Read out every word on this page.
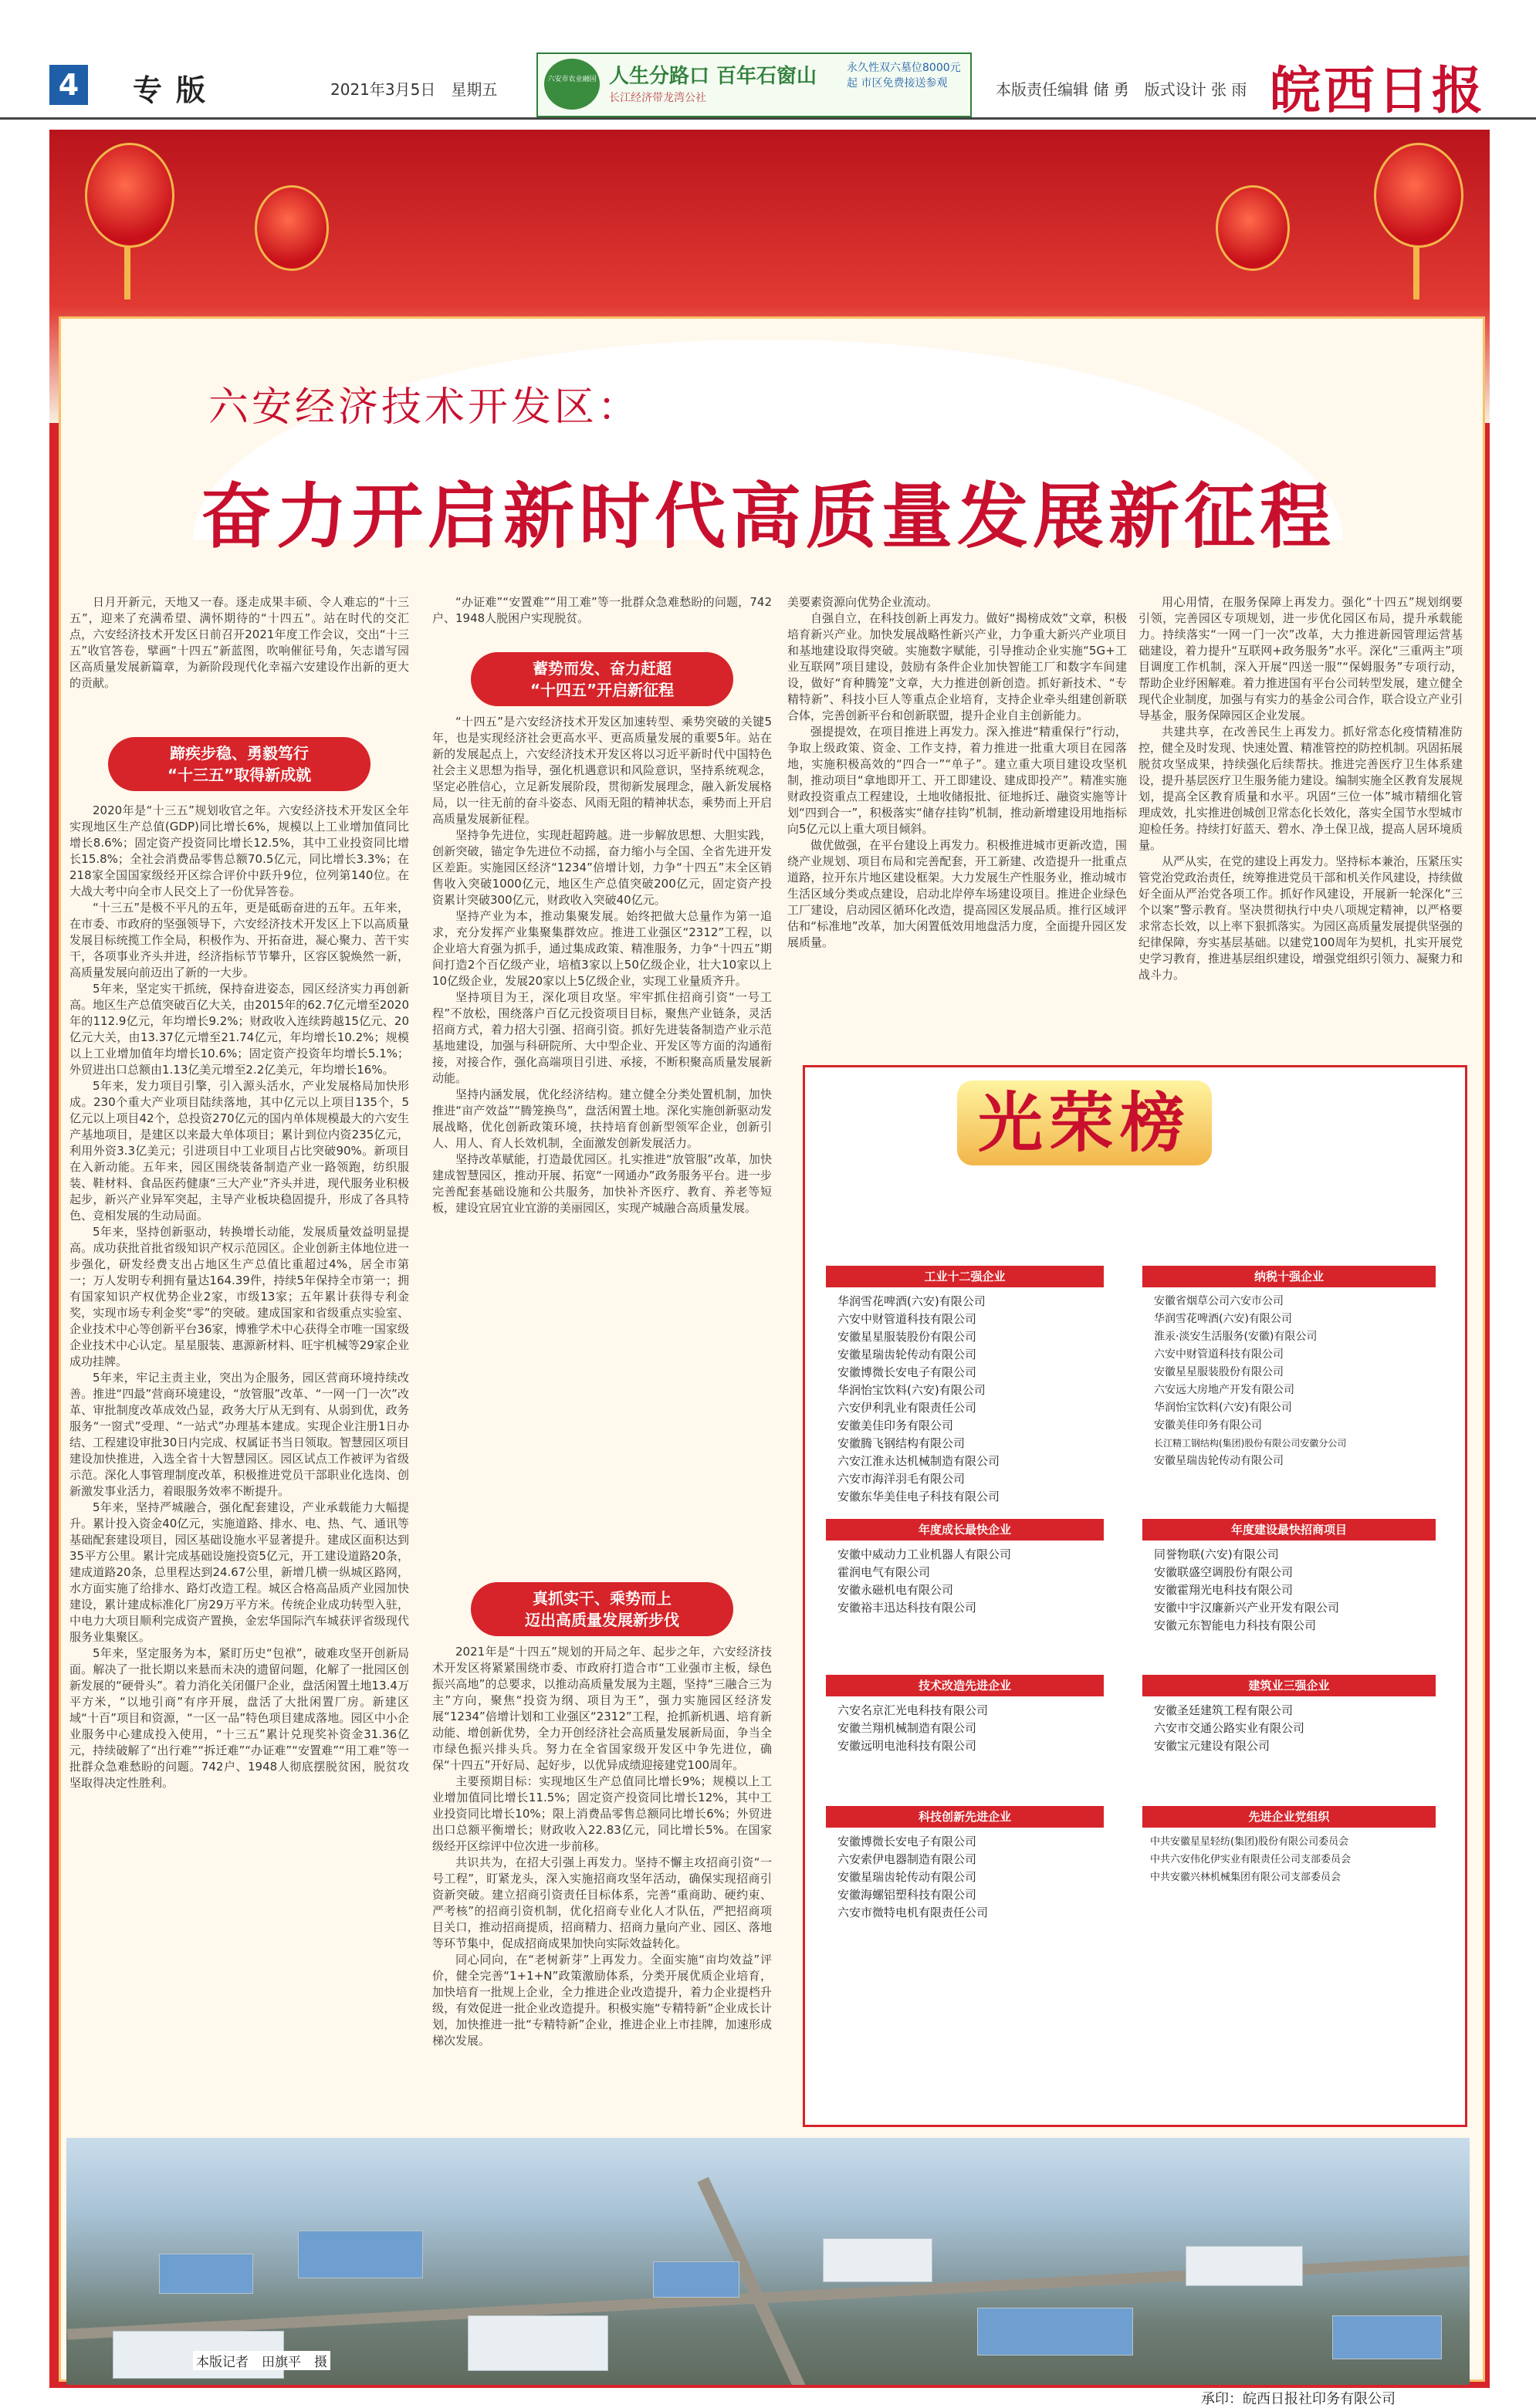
4	专版	2021年3月5日　星期五
六安市农业融园 人生分路口 百年石窗山
长江经济带龙湾公社
永久性双六墓位8000元起 市区免费接送参观	本版责任编辑 储 勇　版式设计 张 雨 皖西日报
六安经济技术开发区：
奋力开启新时代高质量发展新征程

日月开新元，天地又一春。逐走成果丰硕、令人难忘的“十三五”，迎来了充满希望、满怀期待的“十四五”。站在时代的交汇点，六安经济技术开发区日前召开2021年度工作会议，交出“十三五”收官答卷，擘画“十四五”新蓝图，吹响催征号角，矢志谱写园区高质量发展新篇章，为新阶段现代化幸福六安建设作出新的更大的贡献。

蹄疾步稳、勇毅笃行
“十三五”取得新成就

2020年是“十三五”规划收官之年。六安经济技术开发区全年实现地区生产总值(GDP)同比增长6%，规模以上工业增加值同比增长8.6%；固定资产投资同比增长12.5%，其中工业投资同比增长15.8%；全社会消费品零售总额70.5亿元，同比增长3.3%；在218家全国国家级经开区综合评价中跃升9位，位列第140位。在大战大考中向全市人民交上了一份优异答卷。

“十三五”是极不平凡的五年，更是砥砺奋进的五年。五年来，在市委、市政府的坚强领导下，六安经济技术开发区上下以高质量发展目标统揽工作全局，积极作为、开拓奋进，凝心聚力、苦干实干，各项事业齐头并进，经济指标节节攀升，区容区貌焕然一新，高质量发展向前迈出了新的一大步。

5年来，坚定实干抓统，保持奋进姿态，园区经济实力再创新高。地区生产总值突破百亿大关，由2015年的62.7亿元增至2020年的112.9亿元，年均增长9.2%；财政收入连续跨越15亿元、20亿元大关，由13.37亿元增至21.74亿元，年均增长10.2%；规模以上工业增加值年均增长10.6%；固定资产投资年均增长5.1%；外贸进出口总额由1.13亿美元增至2.2亿美元，年均增长16%。

5年来，发力项目引擎，引入源头活水，产业发展格局加快形成。230个重大产业项目陆续落地，其中亿元以上项目135个，5亿元以上项目42个，总投资270亿元的国内单体规模最大的六安生产基地项目，是建区以来最大单体项目；累计到位内资235亿元，利用外资3.3亿美元；引进项目中工业项目占比突破90%。新项目在入新动能。五年来，园区围绕装备制造产业一路领跑，纺织服装、鞋材料、食品医药健康“三大产业”齐头并进，现代服务业积极起步，新兴产业异军突起，主导产业板块稳固提升，形成了各具特色、竞相发展的生动局面。

5年来，坚持创新驱动，转换增长动能，发展质量效益明显提高。成功获批首批省级知识产权示范园区。企业创新主体地位进一步强化，研发经费支出占地区生产总值比重超过4%，居全市第一；万人发明专利拥有量达164.39件，持续5年保持全市第一；拥有国家知识产权优势企业2家，市级13家；五年累计获得专利金奖，实现市场专利金奖“零”的突破。建成国家和省级重点实验室、企业技术中心等创新平台36家，博雅学术中心获得全市唯一国家级企业技术中心认定。星星服装、惠源新材料、旺宇机械等29家企业成功挂牌。

5年来，牢记主责主业，突出为企服务，园区营商环境持续改善。推进“四最”营商环境建设，“放管服”改革、“一网一门一次”改革、审批制度改革成效凸显，政务大厅从无到有、从弱到优，政务服务“一窗式”受理、“一站式”办理基本建成。实现企业注册1日办结、工程建设审批30日内完成、权属证书当日领取。智慧园区项目建设加快推进，入选全省十大智慧园区。园区试点工作被评为省级示范。深化人事管理制度改革，积极推进党员干部职业化选岗、创新激发事业活力，着眼服务效率不断提升。

5年来，坚持严城融合，强化配套建设，产业承载能力大幅提升。累计投入资金40亿元，实施道路、排水、电、热、气、通讯等基础配套建设项目，园区基础设施水平显著提升。建成区面积达到35平方公里。累计完成基础设施投资5亿元，开工建设道路20条，建成道路20条，总里程达到24.67公里，新增几横一纵城区路网，水方面实施了给排水、路灯改造工程。城区合格高品质产业园加快建设，累计建成标准化厂房29万平方米。传统企业成功转型入驻，中电力大项目顺利完成资产置换，金宏华国际汽车城获评省级现代服务业集聚区。

5年来，坚定服务为本，紧盯历史“包袱”，破难攻坚开创新局面。解决了一批长期以来悬而未决的遗留问题，化解了一批园区创新发展的“硬骨头”。着力消化关闭僵尸企业，盘活闲置土地13.4万平方米，“以地引商”有序开展，盘活了大批闲置厂房。新建区域“十百”项目和资源，“一区一品”特色项目建成落地。园区中小企业服务中心建成投入使用，“十三五”累计兑现奖补资金31.36亿元，持续破解了“出行难”“拆迁难”“办证难”“安置难”“用工难”等一批群众急难愁盼的问题。742户、1948人彻底摆脱贫困，脱贫攻坚取得决定性胜利。

“办证难”“安置难”“用工难”等一批群众急难愁盼的问题，742户、1948人脱困户实现脱贫。

蓄势而发、奋力赶超
“十四五”开启新征程

“十四五”是六安经济技术开发区加速转型、乘势突破的关键5年，也是实现经济社会更高水平、更高质量发展的重要5年。站在新的发展起点上，六安经济技术开发区将以习近平新时代中国特色社会主义思想为指导，强化机遇意识和风险意识，坚持系统观念，坚定必胜信心，立足新发展阶段，贯彻新发展理念，融入新发展格局，以一往无前的奋斗姿态、风雨无阻的精神状态，乘势而上开启高质量发展新征程。

坚持争先进位，实现赶超跨越。进一步解放思想、大胆实践，创新突破，锚定争先进位不动摇，奋力缩小与全国、全省先进开发区差距。实施园区经济“1234”倍增计划，力争“十四五”末全区销售收入突破1000亿元，地区生产总值突破200亿元，固定资产投资累计突破300亿元，财政收入突破40亿元。

坚持产业为本，推动集聚发展。始终把做大总量作为第一追求，充分发挥产业集聚集群效应。推进工业强区“2312”工程，以企业培大育强为抓手，通过集成政策、精准服务，力争“十四五”期间打造2个百亿级产业，培植3家以上50亿级企业，壮大10家以上10亿级企业，发展20家以上5亿级企业，实现工业量质齐升。

坚持项目为王，深化项目攻坚。牢牢抓住招商引资“一号工程”不放松，围绕落户百亿元投资项目目标，聚焦产业链条，灵活招商方式，着力招大引强、招商引资。抓好先进装备制造产业示范基地建设，加强与科研院所、大中型企业、开发区等方面的沟通衔接，对接合作，强化高端项目引进、承接，不断积聚高质量发展新动能。

坚持内涵发展，优化经济结构。建立健全分类处置机制，加快推进“亩产效益”“腾笼换鸟”，盘活闲置土地。深化实施创新驱动发展战略，优化创新政策环境，扶持培育创新型领军企业，创新引人、用人、育人长效机制，全面激发创新发展活力。

坚持改革赋能，打造最优园区。扎实推进“放管服”改革，加快建成智慧园区，推动开展、拓宽“一网通办”政务服务平台。进一步完善配套基础设施和公共服务，加快补齐医疗、教育、养老等短板，建设宜居宜业宜游的美丽园区，实现产城融合高质量发展。

真抓实干、乘势而上
迈出高质量发展新步伐

2021年是“十四五”规划的开局之年、起步之年，六安经济技术开发区将紧紧围绕市委、市政府打造合市“工业强市主板，绿色振兴高地”的总要求，以推动高质量发展为主题，坚持“三融合三为主”方向，聚焦“投资为纲、项目为王”，强力实施园区经济发展“1234”倍增计划和工业强区“2312”工程，抢抓新机遇、培育新动能、增创新优势，全力开创经济社会高质量发展新局面，争当全市绿色振兴排头兵。努力在全省国家级开发区中争先进位，确保“十四五”开好局、起好步，以优异成绩迎接建党100周年。

主要预期目标：实现地区生产总值同比增长9%；规模以上工业增加值同比增长11.5%；固定资产投资同比增长12%，其中工业投资同比增长10%；限上消费品零售总额同比增长6%；外贸进出口总额平衡增长；财政收入22.83亿元，同比增长5%。在国家级经开区综评中位次进一步前移。

共识共为，在招大引强上再发力。坚持不懈主攻招商引资“一号工程”，盯紧龙头，深入实施招商攻坚年活动，确保实现招商引资新突破。建立招商引资责任目标体系，完善“重商助、硬约束、严考核”的招商引资机制，优化招商专业化人才队伍，严把招商项目关口，推动招商提质，招商精力、招商力量向产业、园区、落地等环节集中，促成招商成果加快向实际效益转化。

同心同向，在“老树新芽”上再发力。全面实施“亩均效益”评价，健全完善“1+1+N”政策激励体系，分类开展优质企业培育，加快培育一批规上企业，全力推进企业改造提升，着力企业提档升级，有效促进一批企业改造提升。积极实施“专精特新”企业成长计划，加快推进一批“专精特新”企业，推进企业上市挂牌，加速形成梯次发展。

美要素资源向优势企业流动。

自强自立，在科技创新上再发力。做好“揭榜成效”文章，积极培育新兴产业。加快发展战略性新兴产业，力争重大新兴产业项目和基地建设取得突破。实施数字赋能，引导推动企业实施“5G+工业互联网”项目建设，鼓励有条件企业加快智能工厂和数字车间建设，做好“育种腾笼”文章，大力推进创新创造。抓好新技术、“专精特新”、科技小巨人等重点企业培育，支持企业牵头组建创新联合体，完善创新平台和创新联盟，提升企业自主创新能力。

强提提效，在项目推进上再发力。深入推进“精重保行”行动，争取上级政策、资金、工作支持，着力推进一批重大项目在园落地，实施积极高效的“四合一”“单子”。建立重大项目建设攻坚机制，推动项目“拿地即开工、开工即建设、建成即投产”。精准实施财政投资重点工程建设，土地收储报批、征地拆迁、融资实施等计划“四到合一”，积极落实“储存挂钩”机制，推动新增建设用地指标向5亿元以上重大项目倾斜。

做优做强，在平台建设上再发力。积极推进城市更新改造，围绕产业规划、项目布局和完善配套，开工新建、改造提升一批重点道路，拉开东片地区建设框架。大力发展生产性服务业，推动城市生活区域分类或点建设，启动北岸停车场建设项目。推进企业绿色工厂建设，启动园区循环化改造，提高园区发展品质。推行区域评估和“标准地”改革，加大闲置低效用地盘活力度，全面提升园区发展质量。

用心用情，在服务保障上再发力。强化“十四五”规划纲要引领，完善园区专项规划，进一步优化园区布局，提升承载能力。持续落实“一网一门一次”改革，大力推进新园管理运营基础建设，着力提升“互联网+政务服务”水平。深化“三重两主”项目调度工作机制，深入开展“四送一服”“保姆服务”专项行动，帮助企业纾困解难。着力推进国有平台公司转型发展，建立健全现代企业制度，加强与有实力的基金公司合作，联合设立产业引导基金，服务保障园区企业发展。

共建共享，在改善民生上再发力。抓好常态化疫情精准防控，健全及时发现、快速处置、精准管控的防控机制。巩固拓展脱贫攻坚成果，持续强化后续帮扶。推进完善医疗卫生体系建设，提升基层医疗卫生服务能力建设。编制实施全区教育发展规划，提高全区教育质量和水平。巩固“三位一体”城市精细化管理成效，扎实推进创城创卫常态化长效化，落实全国节水型城市迎检任务。持续打好蓝天、碧水、净土保卫战，提高人居环境质量。

从严从实，在党的建设上再发力。坚持标本兼治，压紧压实管党治党政治责任，统筹推进党员干部和机关作风建设，持续做好全面从严治党各项工作。抓好作风建设，开展新一轮深化“三个以案”警示教育。坚决贯彻执行中央八项规定精神，以严格要求常态长效，以上率下狠抓落实。为园区高质量发展提供坚强的纪律保障，夯实基层基础。以建党100周年为契机，扎实开展党史学习教育，推进基层组织建设，增强党组织引领力、凝聚力和战斗力。

光荣榜
工业十二强企业
华润雪花啤酒(六安)有限公司
六安中财管道科技有限公司
安徽星星服装股份有限公司
安徽星瑞齿轮传动有限公司
安徽博微长安电子有限公司
华润怡宝饮料(六安)有限公司
六安伊利乳业有限责任公司
安徽美佳印务有限公司
安徽腾飞钢结构有限公司
六安江淮永达机械制造有限公司
六安市海洋羽毛有限公司
安徽东华美佳电子科技有限公司
纳税十强企业
安徽省烟草公司六安市公司
华润雪花啤酒(六安)有限公司
淮汞·淡安生活服务(安徽)有限公司
六安中财管道科技有限公司
安徽星星服装股份有限公司
六安远大房地产开发有限公司
华润怡宝饮料(六安)有限公司
安徽美佳印务有限公司
长江精工钢结构(集团)股份有限公司安徽分公司
安徽星瑞齿轮传动有限公司
年度成长最快企业
安徽中威动力工业机器人有限公司
霍润电气有限公司
安徽永磁机电有限公司
安徽裕丰迅达科技有限公司
年度建设最快招商项目
同誉物联(六安)有限公司
安徽联盛空调股份有限公司
安徽霍翔光电科技有限公司
安徽中宇汉廉新兴产业开发有限公司
安徽元东智能电力科技有限公司
技术改造先进企业
六安名京汇光电科技有限公司
安徽兰翔机械制造有限公司
安徽远明电池科技有限公司
建筑业三强企业
安徽圣廷建筑工程有限公司
六安市交通公路实业有限公司
安徽宝元建设有限公司
科技创新先进企业
安徽博微长安电子有限公司
六安索伊电器制造有限公司
安徽星瑞齿轮传动有限公司
安徽海螺铝塑科技有限公司
六安市微特电机有限责任公司
先进企业党组织
中共安徽星星轻纺(集团)股份有限公司委员会
中共六安伟化伊实业有限责任公司支部委员会
中共安徽兴林机械集团有限公司支部委员会
本版记者　田旗平　摄
承印：皖西日报社印务有限公司
